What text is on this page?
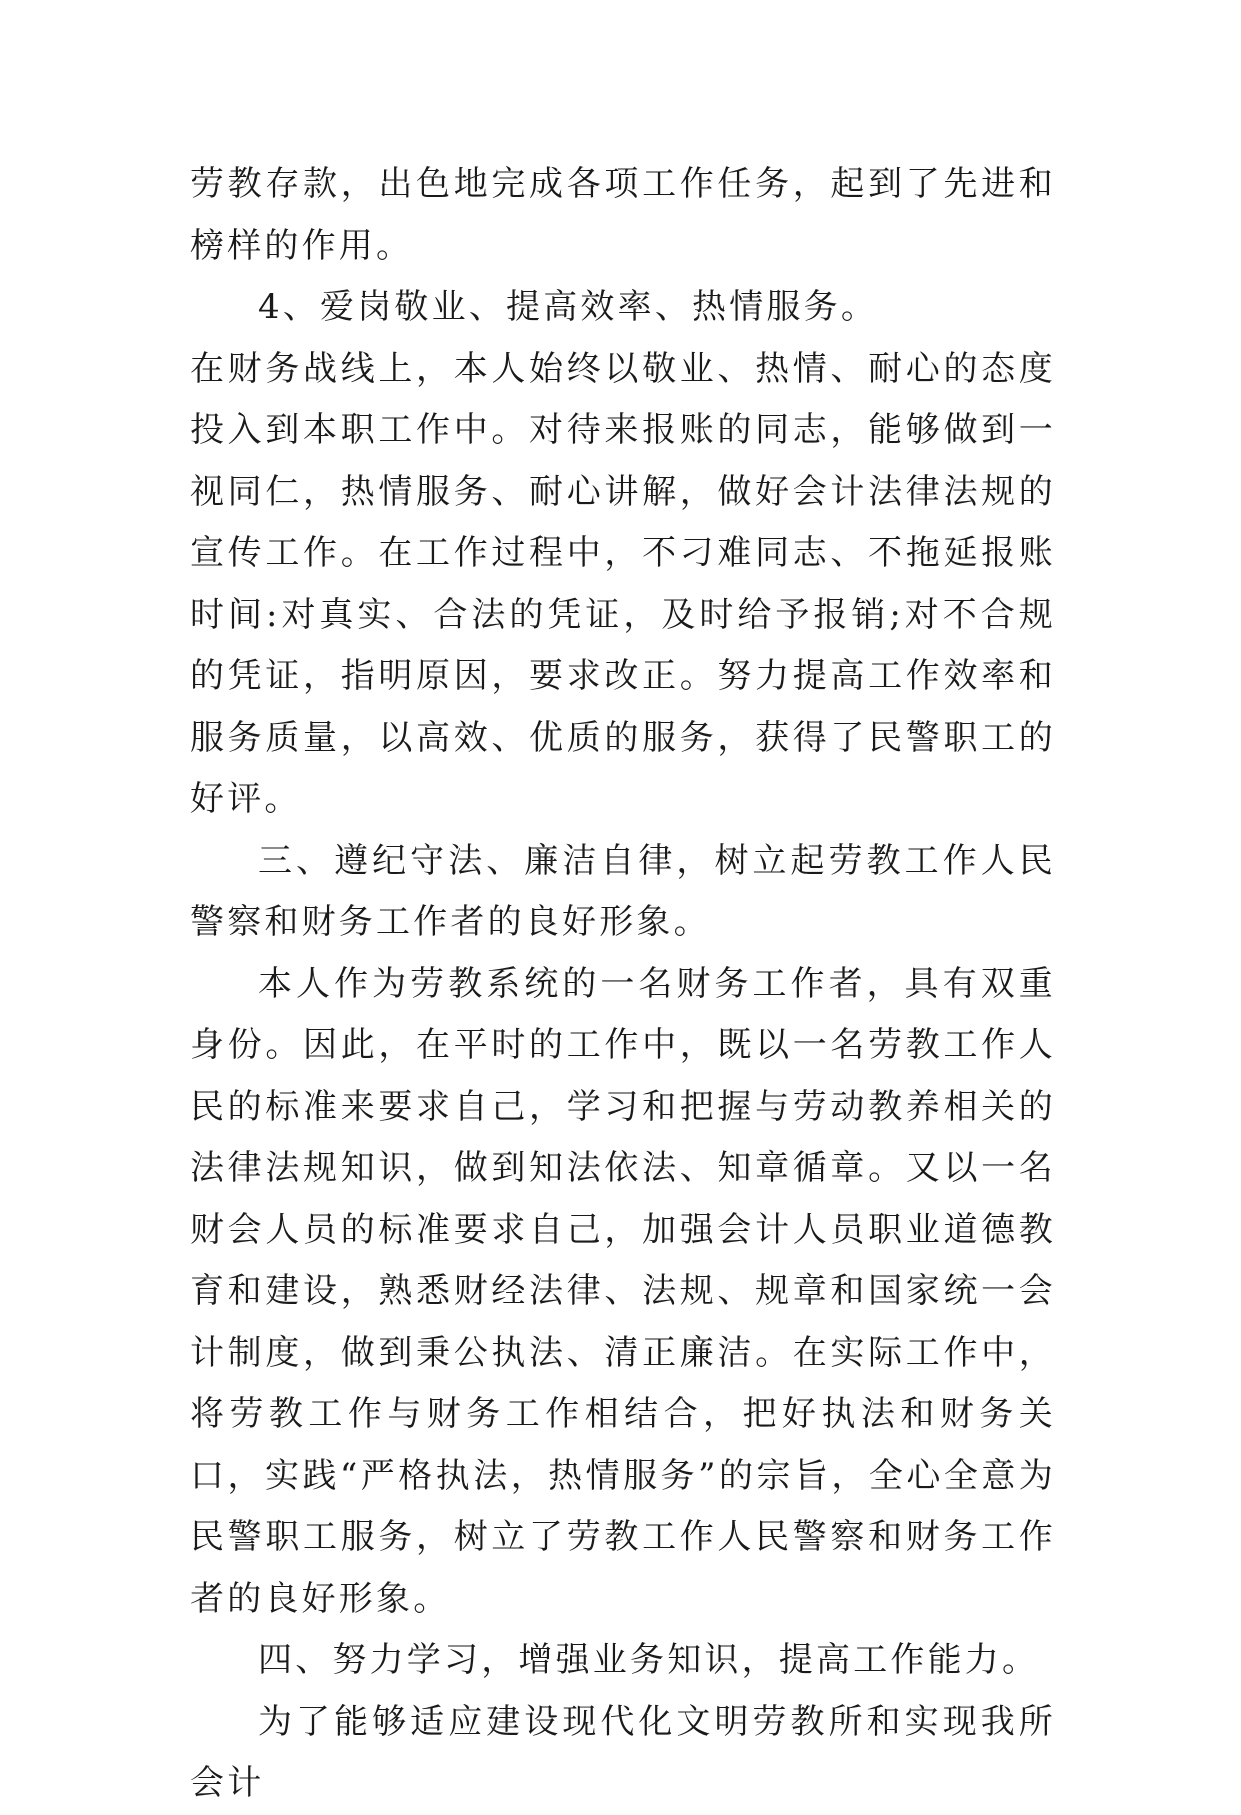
劳教存款，出色地完成各项工作任务，起到了先进和榜样的作用。

4、爱岗敬业、提高效率、热情服务。

在财务战线上，本人始终以敬业、热情、耐心的态度投入到本职工作中。对待来报账的同志，能够做到一视同仁，热情服务、耐心讲解，做好会计法律法规的宣传工作。在工作过程中，不刁难同志、不拖延报账时间:对真实、合法的凭证，及时给予报销;对不合规的凭证，指明原因，要求改正。努力提高工作效率和服务质量，以高效、优质的服务，获得了民警职工的好评。

三、遵纪守法、廉洁自律，树立起劳教工作人民警察和财务工作者的良好形象。

本人作为劳教系统的一名财务工作者，具有双重身份。因此，在平时的工作中，既以一名劳教工作人民的标准来要求自己，学习和把握与劳动教养相关的法律法规知识，做到知法依法、知章循章。又以一名财会人员的标准要求自己，加强会计人员职业道德教育和建设，熟悉财经法律、法规、规章和国家统一会计制度，做到秉公执法、清正廉洁。在实际工作中，将劳教工作与财务工作相结合，把好执法和财务关口，实践“严格执法，热情服务”的宗旨，全心全意为民警职工服务，树立了劳教工作人民警察和财务工作者的良好形象。

四、努力学习，增强业务知识，提高工作能力。

为了能够适应建设现代化文明劳教所和实现我所会计
